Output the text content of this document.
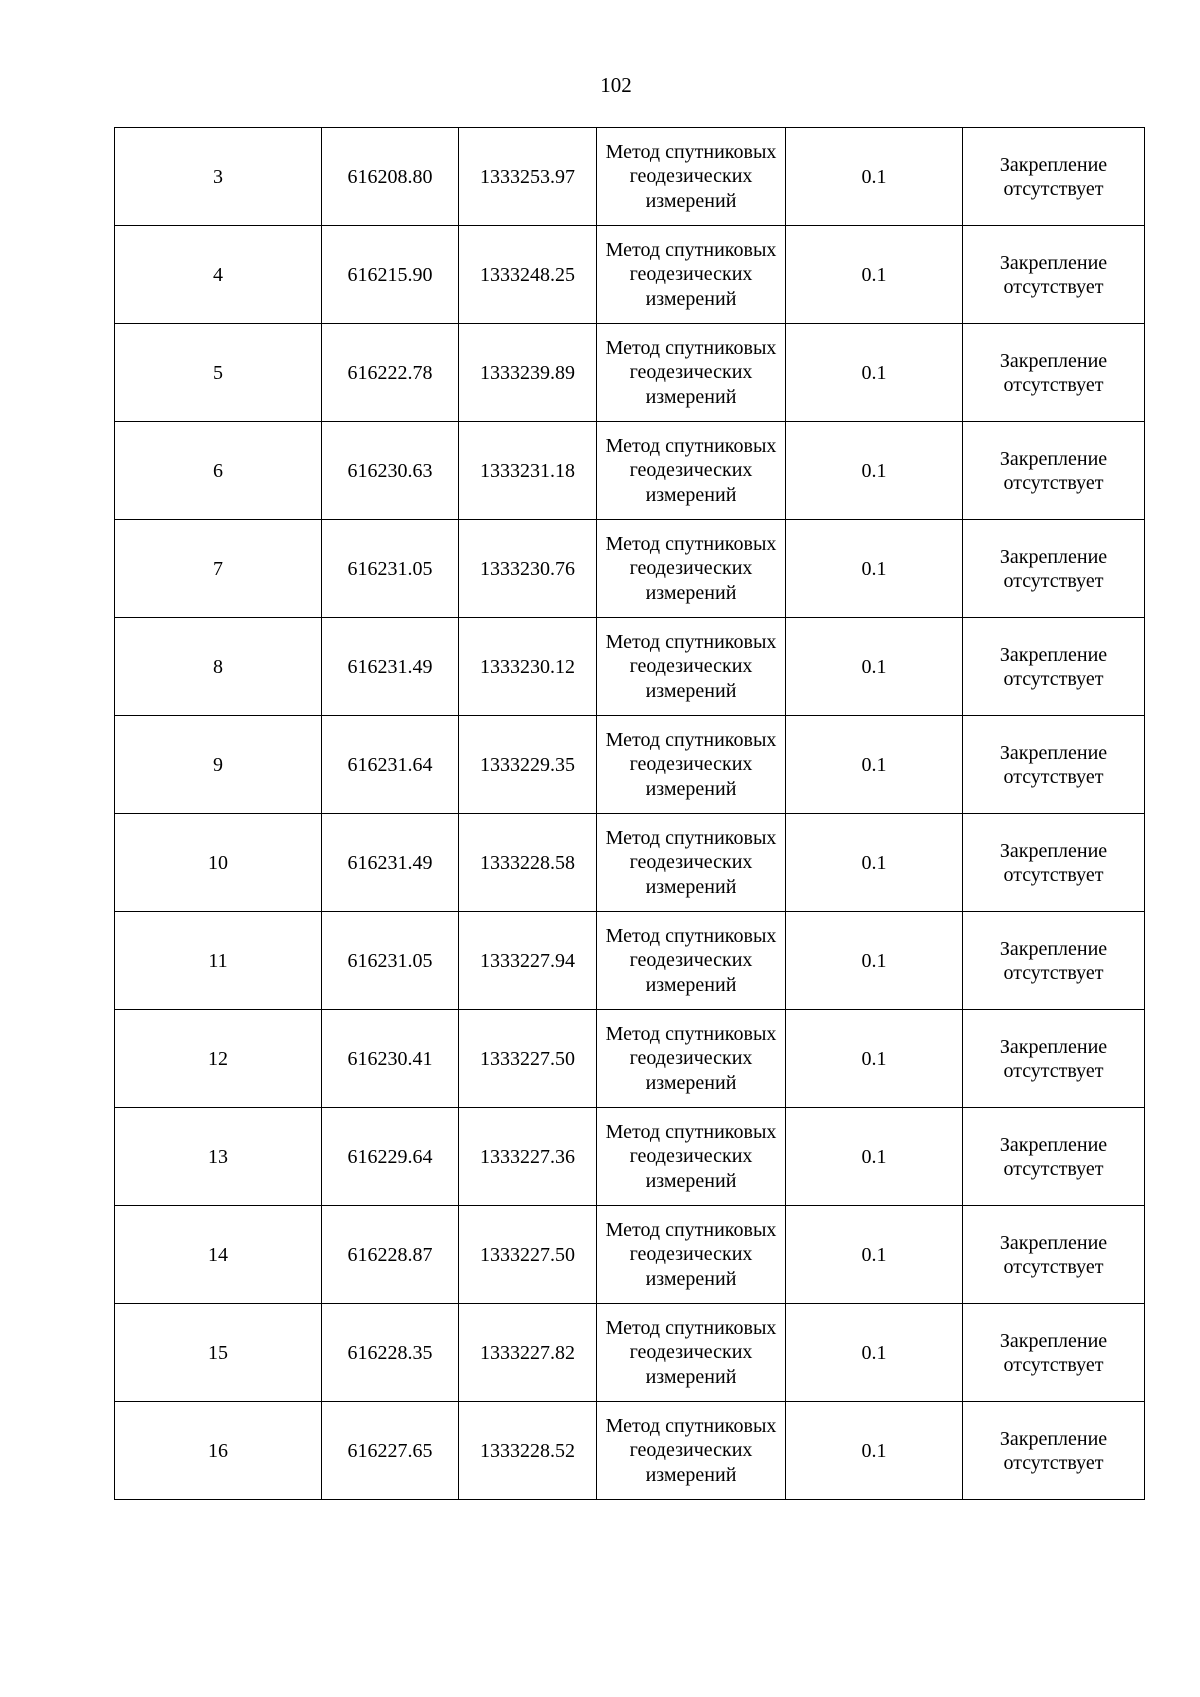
102
3	616208.80	1333253.97	Метод спутниковых геодезических измерений	0.1	Закрепление отсутствует

4	616215.90	1333248.25	Метод спутниковых геодезических измерений	0.1	Закрепление отсутствует

5	616222.78	1333239.89	Метод спутниковых геодезических измерений	0.1	Закрепление отсутствует

6	616230.63	1333231.18	Метод спутниковых геодезических измерений	0.1	Закрепление отсутствует

7	616231.05	1333230.76	Метод спутниковых геодезических измерений	0.1	Закрепление отсутствует

8	616231.49	1333230.12	Метод спутниковых геодезических измерений	0.1	Закрепление отсутствует

9	616231.64	1333229.35	Метод спутниковых геодезических измерений	0.1	Закрепление отсутствует

10	616231.49	1333228.58	Метод спутниковых геодезических измерений	0.1	Закрепление отсутствует

11	616231.05	1333227.94	Метод спутниковых геодезических измерений	0.1	Закрепление отсутствует

12	616230.41	1333227.50	Метод спутниковых геодезических измерений	0.1	Закрепление отсутствует

13	616229.64	1333227.36	Метод спутниковых геодезических измерений	0.1	Закрепление отсутствует

14	616228.87	1333227.50	Метод спутниковых геодезических измерений	0.1	Закрепление отсутствует

15	616228.35	1333227.82	Метод спутниковых геодезических измерений	0.1	Закрепление отсутствует

16	616227.65	1333228.52	Метод спутниковых геодезических измерений	0.1	Закрепление отсутствует
